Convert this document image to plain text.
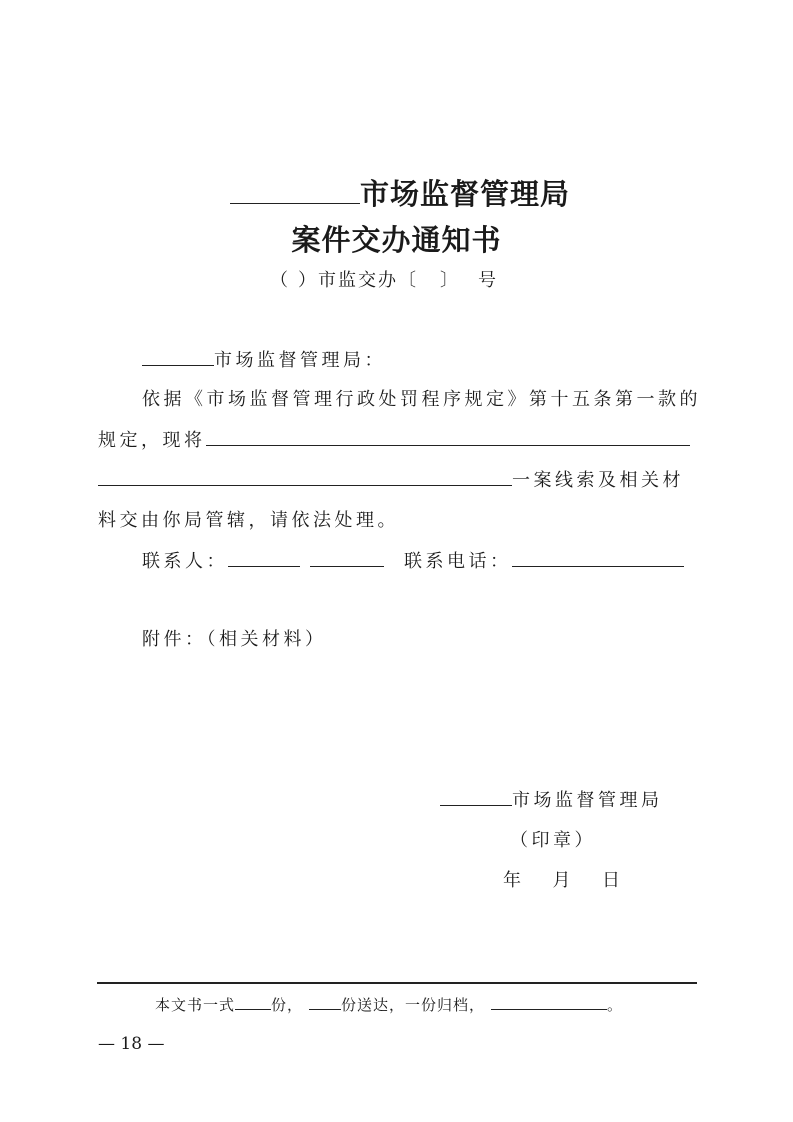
市场监督管理局
案件交办通知书
（ ）市监交办〔 〕 号
市场监督管理局：
依据《市场监督管理行政处罚程序规定》第十五条第一款的
规定，现将
一案线索及相关材
料交由你局管辖，请依法处理。
联系人：	联系电话：
附件：（相关材料）
市场监督管理局
（印章）
年 月 日
本文书一式 份，	份送达，一份归档，	。
— 18 —
